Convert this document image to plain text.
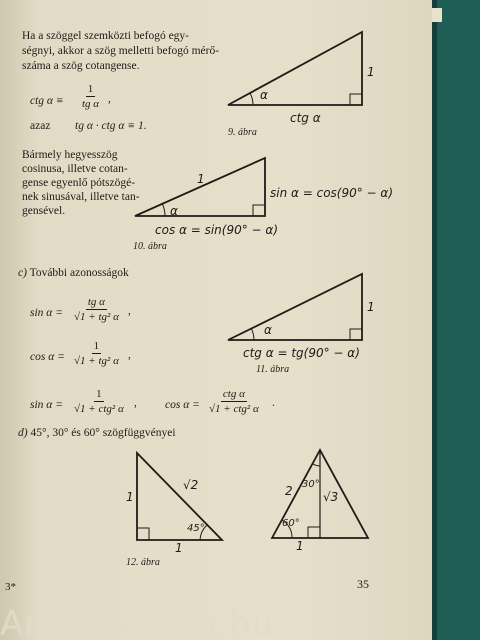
Ha a szöggel szemközti befogó egy-
ségnyi, akkor a szög melletti befogó mérő-
száma a szög cotangense.
ctg $\alpha \equiv \frac{1}{\text{tg α}}$ ,
azaz tg α · ctg α ≡ 1.
α
1
ctg α
9. ábra
Bármely hegyesszög
cosinusa, illetve cotan-
gense egyenlő pótszögé-
nek sinusával, illetve tan-
gensével.
1
α
sin α = cos(90° − α)
cos α = sin(90° − α)
10. ábra
c) További azonosságok
$\sin \alpha = \frac{\text{tg α}}{\text{√1 + tg² α}}$ ,
$\cos \alpha = \frac{1}{\text{√1 + tg² α}}$ ,
α
1
ctg α = tg(90° − α)
11. ábra
sin α =
1
√1 + ctg² α , cos α =
ctg α
√1 + ctg² α .
d) 45°, 30° és 60° szögfüggvényei
1
√2
45°
1
2 30°
√3
60°
1
12. ábra
3*	35
Antikvárium.hu
